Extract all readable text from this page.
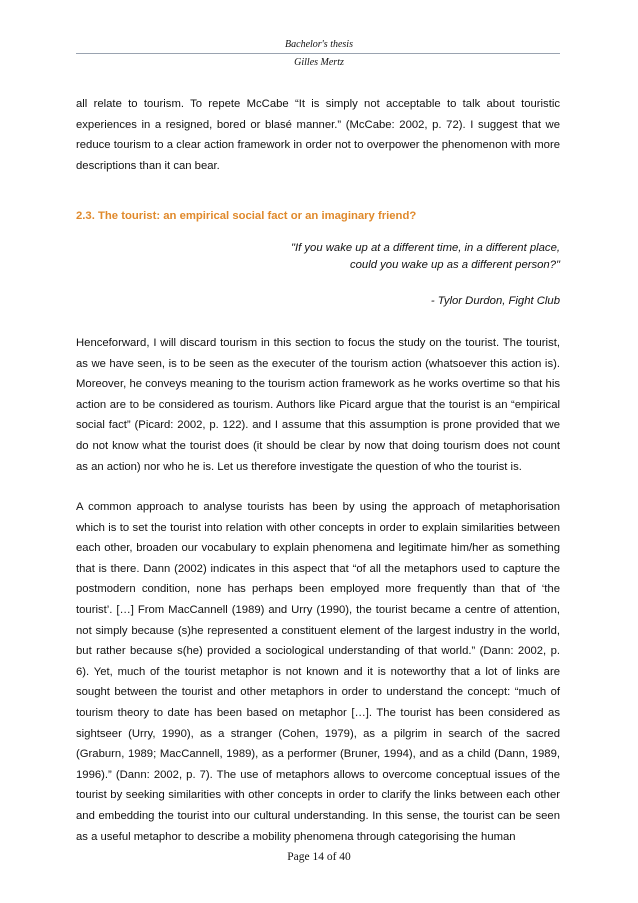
Bachelor's thesis
Gilles Mertz

all relate to tourism. To repete McCabe “It is simply not acceptable to talk about touristic experiences in a resigned, bored or blasé manner.” (McCabe: 2002, p. 72). I suggest that we reduce tourism to a clear action framework in order not to overpower the phenomenon with more descriptions than it can bear.

2.3. The tourist: an empirical social fact or an imaginary friend?
"If you wake up at a different time, in a different place,
could you wake up as a different person?"
- Tylor Durdon, Fight Club

Henceforward, I will discard tourism in this section to focus the study on the tourist. The tourist, as we have seen, is to be seen as the executer of the tourism action (whatsoever this action is). Moreover, he conveys meaning to the tourism action framework as he works overtime so that his action are to be considered as tourism. Authors like Picard argue that the tourist is an “empirical social fact” (Picard: 2002, p. 122). and I assume that this assumption is prone provided that we do not know what the tourist does (it should be clear by now that doing tourism does not count as an action) nor who he is. Let us therefore investigate the question of who the tourist is.

A common approach to analyse tourists has been by using the approach of metaphorisation which is to set the tourist into relation with other concepts in order to explain similarities between each other, broaden our vocabulary to explain phenomena and legitimate him/her as something that is there. Dann (2002) indicates in this aspect that “of all the metaphors used to capture the postmodern condition, none has perhaps been employed more frequently than that of ‘the tourist’. […] From MacCannell (1989) and Urry (1990), the tourist became a centre of attention, not simply because (s)he represented a constituent element of the largest industry in the world, but rather because s(he) provided a sociological understanding of that world.” (Dann: 2002, p. 6). Yet, much of the tourist metaphor is not known and it is noteworthy that a lot of links are sought between the tourist and other metaphors in order to understand the concept: “much of tourism theory to date has been based on metaphor […]. The tourist has been considered as sightseer (Urry, 1990), as a stranger (Cohen, 1979), as a pilgrim in search of the sacred (Graburn, 1989; MacCannell, 1989), as a performer (Bruner, 1994), and as a child (Dann, 1989, 1996).” (Dann: 2002, p. 7). The use of metaphors allows to overcome conceptual issues of the tourist by seeking similarities with other concepts in order to clarify the links between each other and embedding the tourist into our cultural understanding. In this sense, the tourist can be seen as a useful metaphor to describe a mobility phenomena through categorising the human

Page 14 of 40
